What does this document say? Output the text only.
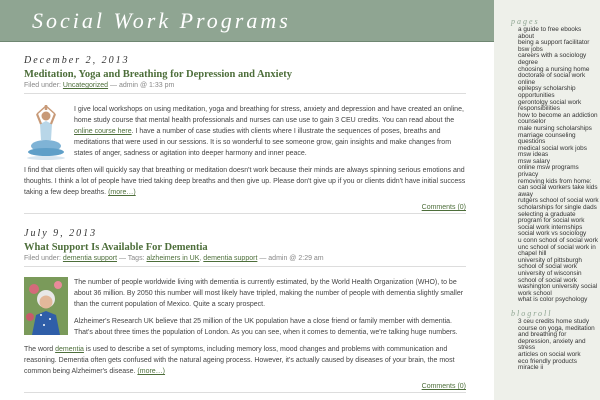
Social Work Programs
December 2, 2013
Meditation, Yoga and Breathing for Depression and Anxiety
Filed under: Uncategorized — admin @ 1:33 pm

I give local workshops on using meditation, yoga and breathing for stress, anxiety and depression and have created an online, home study course that mental health professionals and nurses can use use to gain 3 CEU credits. You can read about the online course here. I have a number of case studies with clients where I illustrate the sequences of poses, breaths and meditations that were used in our sessions. It is so wonderful to see someone grow, gain insights and make changes from states of anger, sadness or agitation into deeper harmony and inner peace.

I find that clients often will quickly say that breathing or meditation doesn't work because their minds are always spinning serious emotions and thoughts. I think a lot of people have tried taking deep breaths and then give up. Please don't give up if you or clients didn't have initial success taking a few deep breaths. (more…)

Comments (0)
July 9, 2013
What Support Is Available For Dementia
Filed under: dementia support — Tags: alzheimers in UK, dementia support — admin @ 2:29 am

The number of people worldwide living with dementia is currently estimated, by the World Health Organization (WHO), to be about 36 million. By 2050 this number will most likely have tripled, making the number of people with dementia slightly smaller than the current population of Mexico. Quite a scary prospect.

Alzheimer's Research UK believe that 25 million of the UK population have a close friend or family member with dementia. That's about three times the population of London. As you can see, when it comes to dementia, we're talking huge numbers.

The word dementia is used to describe a set of symptoms, including memory loss, mood changes and problems with communication and reasoning. Dementia often gets confused with the natural ageing process. However, it's actually caused by diseases of your brain, the most common being Alzheimer's disease. (more…)

Comments (0)
pages
a guide to free ebooks
about
being a support facilitator
bsw jobs
careers with a sociology degree
choosing a nursing home
doctorate of social work online
epilepsy scholarship opportunities
gerontolgy social work responsibilities
how to become an addiction counselor
male nursing scholarships
marriage counseling questions
medical social work jobs
msw ideas
msw salary
online msw programs
privacy
removing kids from home: can social workers take kids away
rutgers school of social work
scholarships for single dads
selecting a graduate program for social work
social work internships
social work vs sociology
u conn school of social work
unc school of social work in chapel hill
university of pittsburgh school of social work
university of wisconsin school of social work
washington university social work school
what is color psychology
blogroll
3 ceu credits home study course on yoga, meditation and breathing for depression, anxiety and stress
articles on social work
eco friendly products
miracle ii
